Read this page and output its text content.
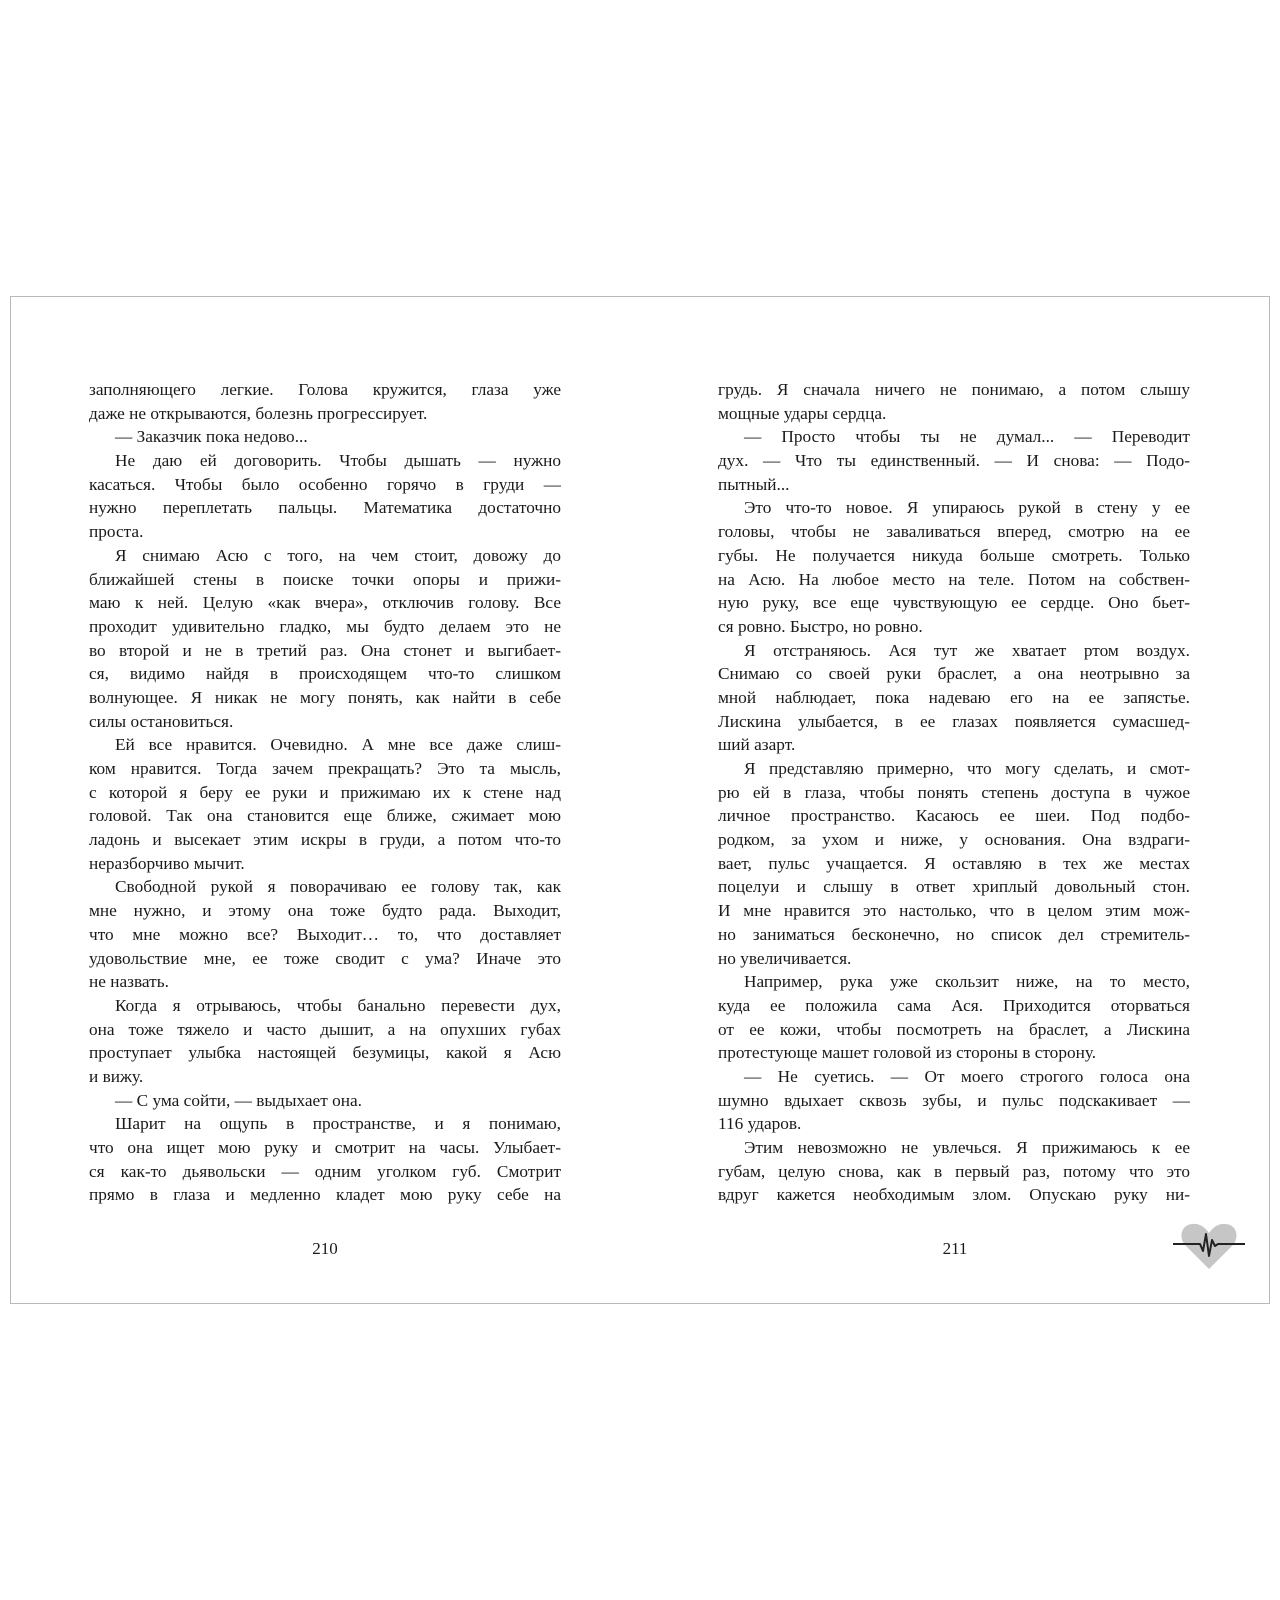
заполняющего легкие. Голова кружится, глаза уже
даже не открываются, болезнь прогрессирует.
— Заказчик пока недово...
Не даю ей договорить. Чтобы дышать — нужно
касаться. Чтобы было особенно горячо в груди —
нужно переплетать пальцы. Математика достаточно
проста.
Я снимаю Асю с того, на чем стоит, довожу до
ближайшей стены в поиске точки опоры и прижи-
маю к ней. Целую «как вчера», отключив голову. Все
проходит удивительно гладко, мы будто делаем это не
во второй и не в третий раз. Она стонет и выгибает-
ся, видимо найдя в происходящем что-то слишком
волнующее. Я никак не могу понять, как найти в себе
силы остановиться.
Ей все нравится. Очевидно. А мне все даже слиш-
ком нравится. Тогда зачем прекращать? Это та мысль,
с которой я беру ее руки и прижимаю их к стене над
головой. Так она становится еще ближе, сжимает мою
ладонь и высекает этим искры в груди, а потом что-то
неразборчиво мычит.
Свободной рукой я поворачиваю ее голову так, как
мне нужно, и этому она тоже будто рада. Выходит,
что мне можно все? Выходит… то, что доставляет
удовольствие мне, ее тоже сводит с ума? Иначе это
не назвать.
Когда я отрываюсь, чтобы банально перевести дух,
она тоже тяжело и часто дышит, а на опухших губах
проступает улыбка настоящей безумицы, какой я Асю
и вижу.
— С ума сойти, — выдыхает она.
Шарит на ощупь в пространстве, и я понимаю,
что она ищет мою руку и смотрит на часы. Улыбает-
ся как-то дьявольски — одним уголком губ. Смотрит
прямо в глаза и медленно кладет мою руку себе на
грудь. Я сначала ничего не понимаю, а потом слышу
мощные удары сердца.
— Просто чтобы ты не думал... — Переводит
дух. — Что ты единственный. — И снова: — Подо-
пытный...
Это что-то новое. Я упираюсь рукой в стену у ее
головы, чтобы не заваливаться вперед, смотрю на ее
губы. Не получается никуда больше смотреть. Только
на Асю. На любое место на теле. Потом на собствен-
ную руку, все еще чувствующую ее сердце. Оно бьет-
ся ровно. Быстро, но ровно.
Я отстраняюсь. Ася тут же хватает ртом воздух.
Снимаю со своей руки браслет, а она неотрывно за
мной наблюдает, пока надеваю его на ее запястье.
Лискина улыбается, в ее глазах появляется сумасшед-
ший азарт.
Я представляю примерно, что могу сделать, и смот-
рю ей в глаза, чтобы понять степень доступа в чужое
личное пространство. Касаюсь ее шеи. Под подбо-
родком, за ухом и ниже, у основания. Она вздраги-
вает, пульс учащается. Я оставляю в тех же местах
поцелуи и слышу в ответ хриплый довольный стон.
И мне нравится это настолько, что в целом этим мож-
но заниматься бесконечно, но список дел стремитель-
но увеличивается.
Например, рука уже скользит ниже, на то место,
куда ее положила сама Ася. Приходится оторваться
от ее кожи, чтобы посмотреть на браслет, а Лискина
протестующе машет головой из стороны в сторону.
— Не суетись. — От моего строгого голоса она
шумно вдыхает сквозь зубы, и пульс подскакивает —
116 ударов.
Этим невозможно не увлечься. Я прижимаюсь к ее
губам, целую снова, как в первый раз, потому что это
вдруг кажется необходимым злом. Опускаю руку ни-
210	211
